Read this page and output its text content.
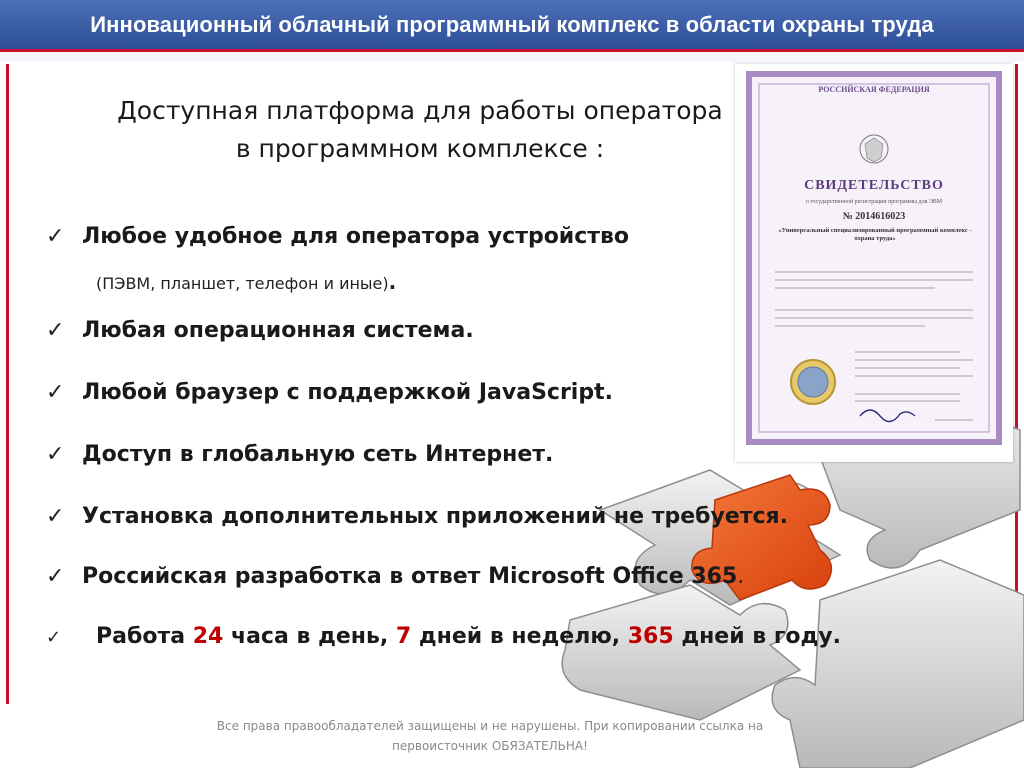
Инновационный облачный программный комплекс в области охраны труда
РОССИЙСКАЯ ФЕДЕРАЦИЯ
СВИДЕТЕЛЬСТВО
о государственной регистрации программы для ЭВМ
№ 2014616023
«Универсальный специализированный программный комплекс - охрана труда»
Доступная платформа для работы оператора
в программном комплексе :
✓ Любое удобное для оператора устройство
(ПЭВМ, планшет, телефон и иные).
✓ Любая операционная система.
✓ Любой браузер с поддержкой JavaScript.
✓ Доступ в глобальную сеть Интернет.
✓ Установка дополнительных приложений не требуется.
✓ Российская разработка в ответ Microsoft Office 365.
✓ Работа 24 часа в день, 7 дней в неделю, 365 дней в году.
Все права правообладателей защищены и не нарушены. При копировании ссылка на
первоисточник ОБЯЗАТЕЛЬНА!
